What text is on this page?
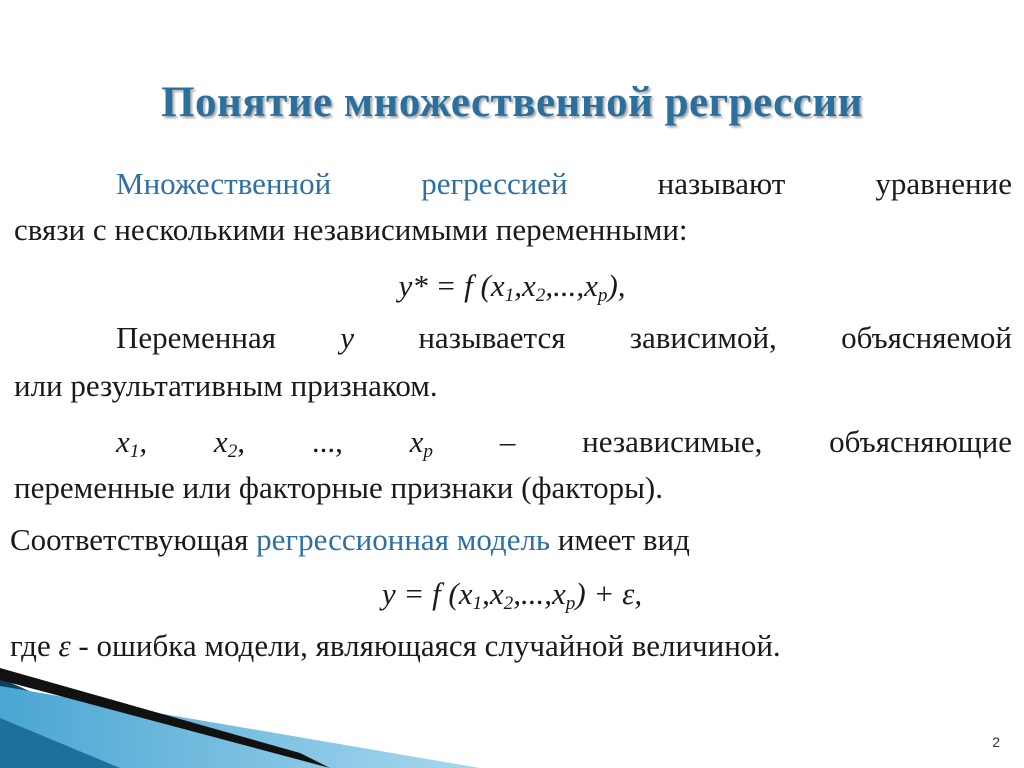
Понятие множественной регрессии
Множественной	регрессией	называют	уравнение
связи с несколькими независимыми переменными:
y* = f $(x_1,x_2,...,x_p)$,
Переменная y называется зависимой, объясняемой
или результативным признаком.
$x_1$, $x_2$, ..., $x_p$ – независимые, объясняющие
переменные или факторные признаки (факторы).
Соответствующая регрессионная модель имеет вид
y = f $(x_1,x_2,...,x_p) + \varepsilon$,
где ε - ошибка модели, являющаяся случайной величиной.
2
